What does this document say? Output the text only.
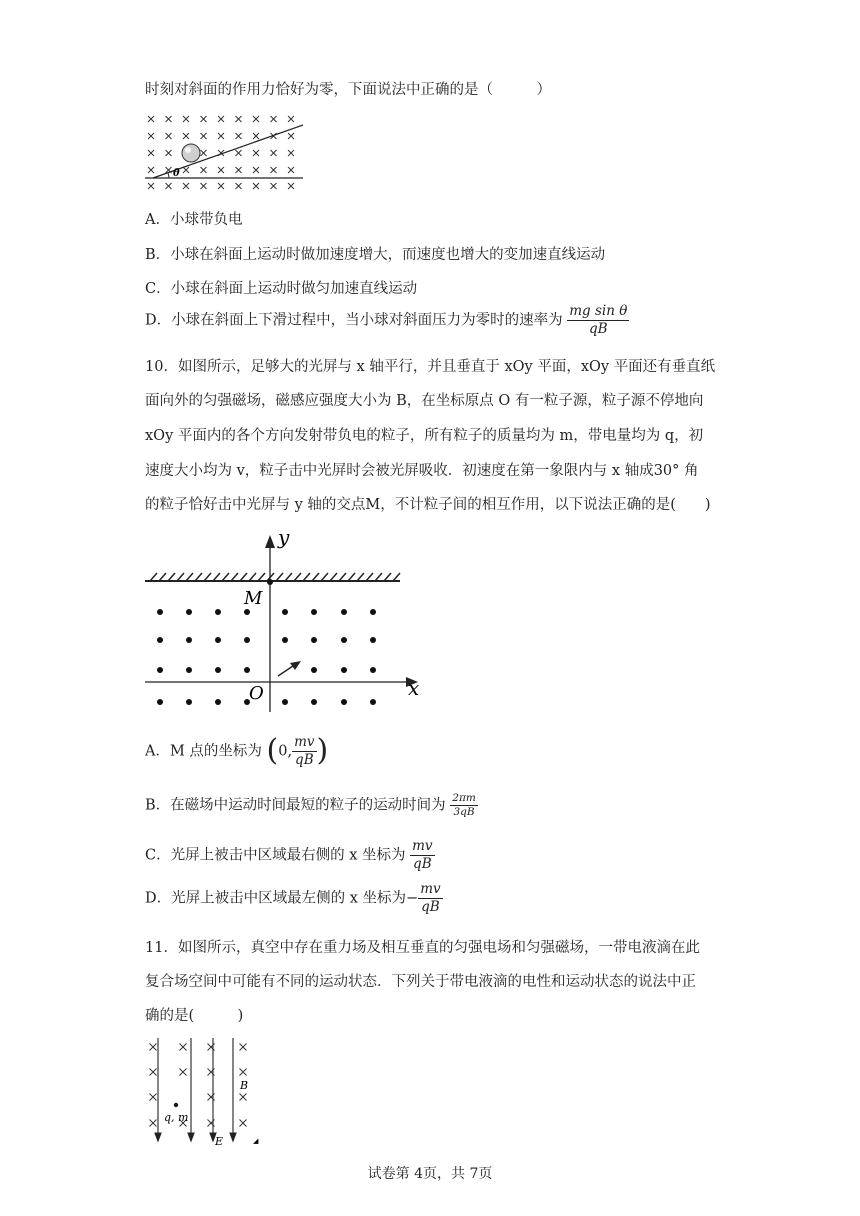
时刻对斜面的作用力恰好为零，下面说法中正确的是（　　　）
θ
A．小球带负电
B．小球在斜面上运动时做加速度增大，而速度也增大的变加速直线运动
C．小球在斜面上运动时做匀加速直线运动
D．小球在斜面上下滑过程中，当小球对斜面压力为零时的速率为 $\frac{\text{mg sin θ}}{qB}$
10．如图所示，足够大的光屏与 x 轴平行，并且垂直于 xOy 平面，xOy 平面还有垂直纸
面向外的匀强磁场，磁感应强度大小为 B，在坐标原点 O 有一粒子源，粒子源不停地向
xOy 平面内的各个方向发射带负电的粒子，所有粒子的质量均为 m，带电量均为 q，初
速度大小均为 v，粒子击中光屏时会被光屏吸收．初速度在第一象限内与 x 轴成30° 角
的粒子恰好击中光屏与 y 轴的交点M，不计粒子间的相互作用，以下说法正确的是(　　)
y
x
M
O
A．M 点的坐标为 (0, $\frac{mv}{qB}$ )
B．在磁场中运动时间最短的粒子的运动时间为 $\frac{2\pi m}{3qB}$
C．光屏上被击中区域最右侧的 x 坐标为 $\frac{mv}{qB}$
D．光屏上被击中区域最左侧的 x 坐标为− $\frac{mv}{qB}$
11．如图所示，真空中存在重力场及相互垂直的匀强电场和匀强磁场，一带电液滴在此
复合场空间中可能有不同的运动状态．下列关于带电液滴的电性和运动状态的说法中正
确的是(　　　)
q, m
B
E	◢
试卷第 4页，共 7页
